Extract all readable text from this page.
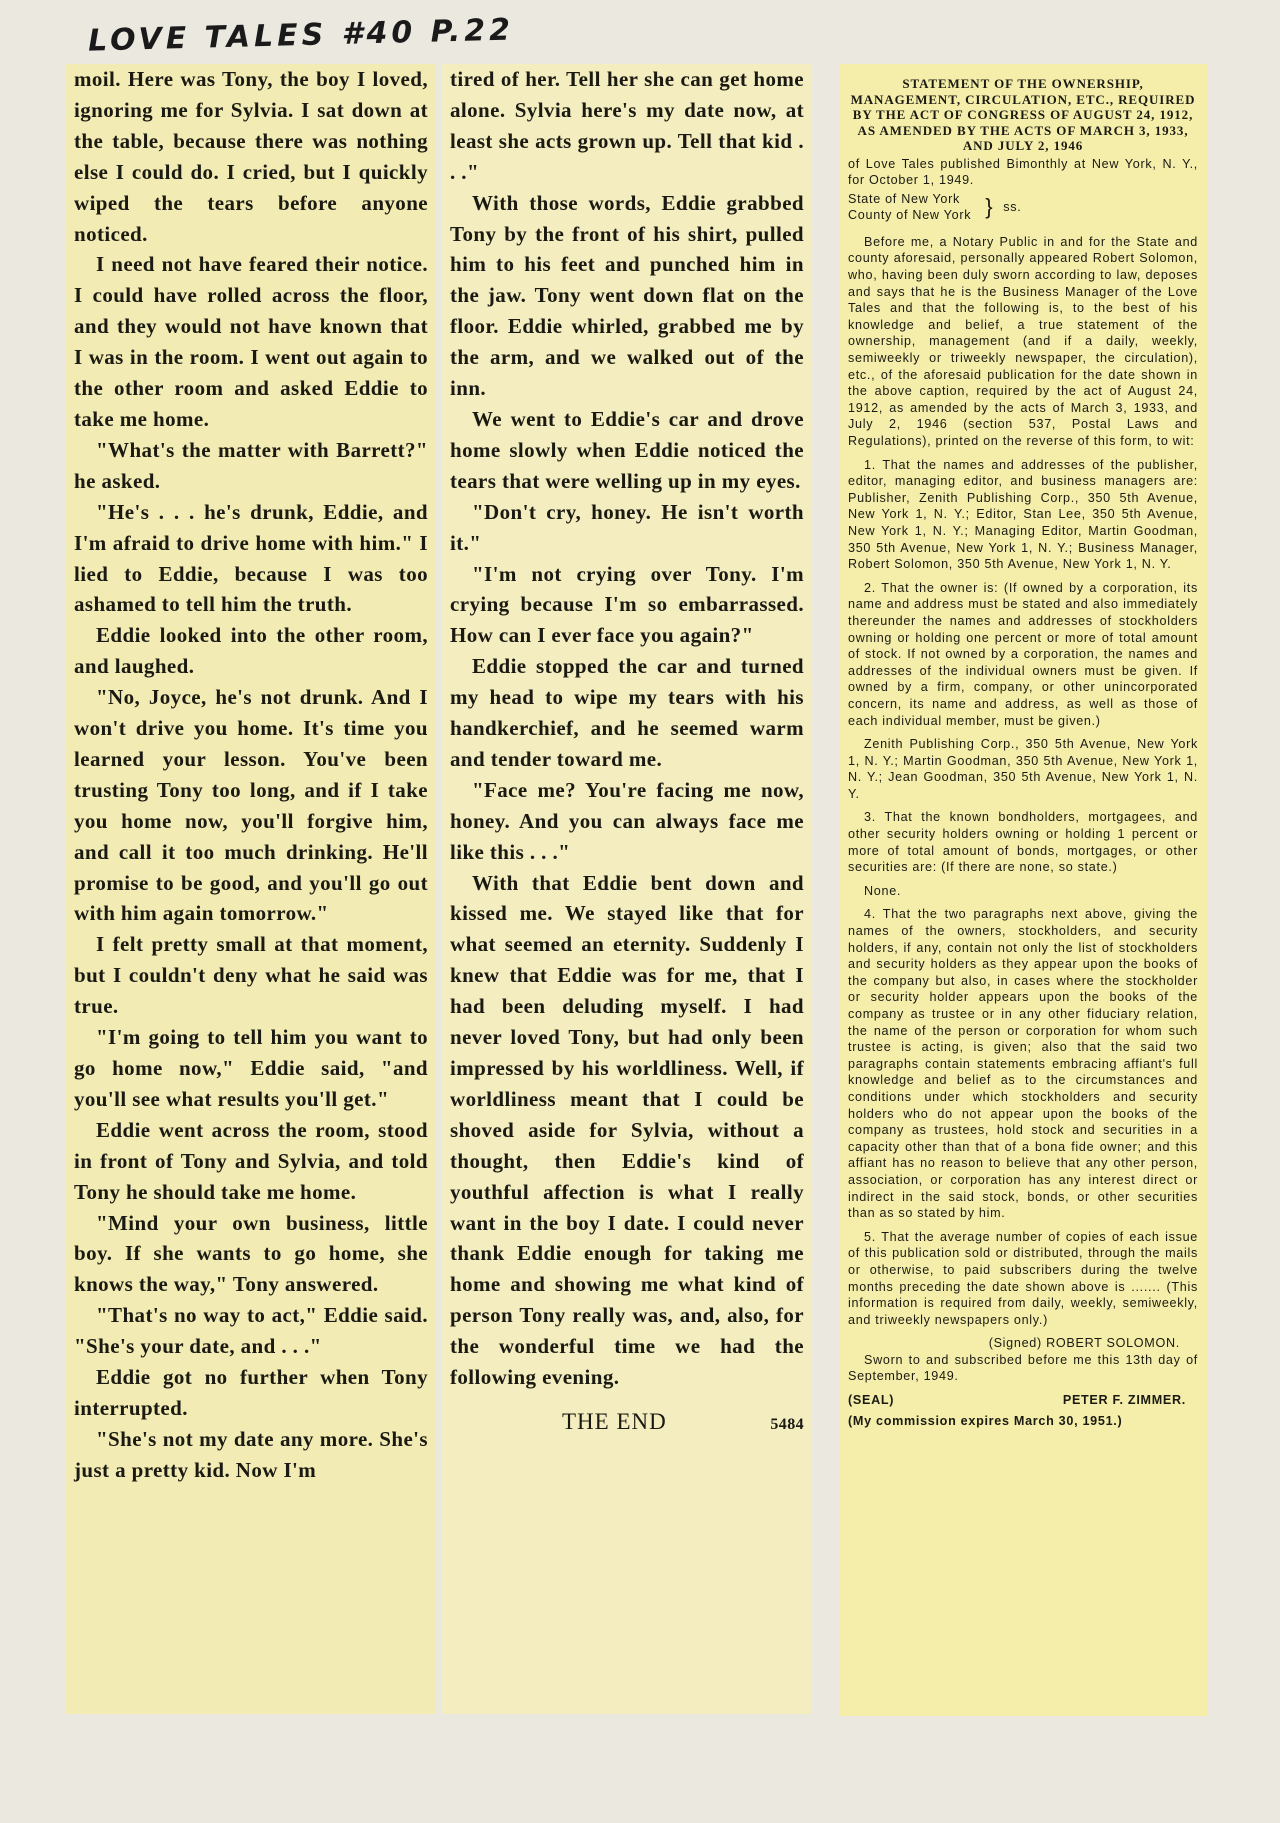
LOVE TALES #40 P.22

moil. Here was Tony, the boy I loved, ignoring me for Sylvia. I sat down at the table, because there was nothing else I could do. I cried, but I quickly wiped the tears before anyone noticed.

I need not have feared their notice. I could have rolled across the floor, and they would not have known that I was in the room. I went out again to the other room and asked Eddie to take me home.

"What's the matter with Barrett?" he asked.

"He's . . . he's drunk, Eddie, and I'm afraid to drive home with him." I lied to Eddie, because I was too ashamed to tell him the truth.

Eddie looked into the other room, and laughed.

"No, Joyce, he's not drunk. And I won't drive you home. It's time you learned your lesson. You've been trusting Tony too long, and if I take you home now, you'll forgive him, and call it too much drinking. He'll promise to be good, and you'll go out with him again tomorrow."

I felt pretty small at that moment, but I couldn't deny what he said was true.

"I'm going to tell him you want to go home now," Eddie said, "and you'll see what results you'll get."

Eddie went across the room, stood in front of Tony and Sylvia, and told Tony he should take me home.

"Mind your own business, little boy. If she wants to go home, she knows the way," Tony answered.

"That's no way to act," Eddie said. "She's your date, and . . ."

Eddie got no further when Tony interrupted.

"She's not my date any more. She's just a pretty kid. Now I'm

tired of her. Tell her she can get home alone. Sylvia here's my date now, at least she acts grown up. Tell that kid . . ."

With those words, Eddie grabbed Tony by the front of his shirt, pulled him to his feet and punched him in the jaw. Tony went down flat on the floor. Eddie whirled, grabbed me by the arm, and we walked out of the inn.

We went to Eddie's car and drove home slowly when Eddie noticed the tears that were welling up in my eyes.

"Don't cry, honey. He isn't worth it."

"I'm not crying over Tony. I'm crying because I'm so embarrassed. How can I ever face you again?"

Eddie stopped the car and turned my head to wipe my tears with his handkerchief, and he seemed warm and tender toward me.

"Face me? You're facing me now, honey. And you can always face me like this . . ."

With that Eddie bent down and kissed me. We stayed like that for what seemed an eternity. Suddenly I knew that Eddie was for me, that I had been deluding myself. I had never loved Tony, but had only been impressed by his worldliness. Well, if worldliness meant that I could be shoved aside for Sylvia, without a thought, then Eddie's kind of youthful affection is what I really want in the boy I date. I could never thank Eddie enough for taking me home and showing me what kind of person Tony really was, and, also, for the wonderful time we had the following evening.

THE END	5484
STATEMENT OF THE OWNERSHIP, MANAGEMENT, CIRCULATION, ETC., REQUIRED BY THE ACT OF CONGRESS OF AUGUST 24, 1912, AS AMENDED BY THE ACTS OF MARCH 3, 1933, AND JULY 2, 1946

of Love Tales published Bimonthly at New York, N. Y., for October 1, 1949.

State of New York
County of New York } ss.

Before me, a Notary Public in and for the State and county aforesaid, personally appeared Robert Solomon, who, having been duly sworn according to law, deposes and says that he is the Business Manager of the Love Tales and that the following is, to the best of his knowledge and belief, a true statement of the ownership, management (and if a daily, weekly, semiweekly or triweekly newspaper, the circulation), etc., of the aforesaid publication for the date shown in the above caption, required by the act of August 24, 1912, as amended by the acts of March 3, 1933, and July 2, 1946 (section 537, Postal Laws and Regulations), printed on the reverse of this form, to wit:

1. That the names and addresses of the publisher, editor, managing editor, and business managers are: Publisher, Zenith Publishing Corp., 350 5th Avenue, New York 1, N. Y.; Editor, Stan Lee, 350 5th Avenue, New York 1, N. Y.; Managing Editor, Martin Goodman, 350 5th Avenue, New York 1, N. Y.; Business Manager, Robert Solomon, 350 5th Avenue, New York 1, N. Y.

2. That the owner is: (If owned by a corporation, its name and address must be stated and also immediately thereunder the names and addresses of stockholders owning or holding one percent or more of total amount of stock. If not owned by a corporation, the names and addresses of the individual owners must be given. If owned by a firm, company, or other unincorporated concern, its name and address, as well as those of each individual member, must be given.)

Zenith Publishing Corp., 350 5th Avenue, New York 1, N. Y.; Martin Goodman, 350 5th Avenue, New York 1, N. Y.; Jean Goodman, 350 5th Avenue, New York 1, N. Y.

3. That the known bondholders, mortgagees, and other security holders owning or holding 1 percent or more of total amount of bonds, mortgages, or other securities are: (If there are none, so state.)

None.

4. That the two paragraphs next above, giving the names of the owners, stockholders, and security holders, if any, contain not only the list of stockholders and security holders as they appear upon the books of the company but also, in cases where the stockholder or security holder appears upon the books of the company as trustee or in any other fiduciary relation, the name of the person or corporation for whom such trustee is acting, is given; also that the said two paragraphs contain statements embracing affiant's full knowledge and belief as to the circumstances and conditions under which stockholders and security holders who do not appear upon the books of the company as trustees, hold stock and securities in a capacity other than that of a bona fide owner; and this affiant has no reason to believe that any other person, association, or corporation has any interest direct or indirect in the said stock, bonds, or other securities than as so stated by him.

5. That the average number of copies of each issue of this publication sold or distributed, through the mails or otherwise, to paid subscribers during the twelve months preceding the date shown above is ....... (This information is required from daily, weekly, semiweekly, and triweekly newspapers only.)

(Signed) ROBERT SOLOMON.

Sworn to and subscribed before me this 13th day of September, 1949.

(SEAL)	PETER F. ZIMMER.
(My commission expires March 30, 1951.)
